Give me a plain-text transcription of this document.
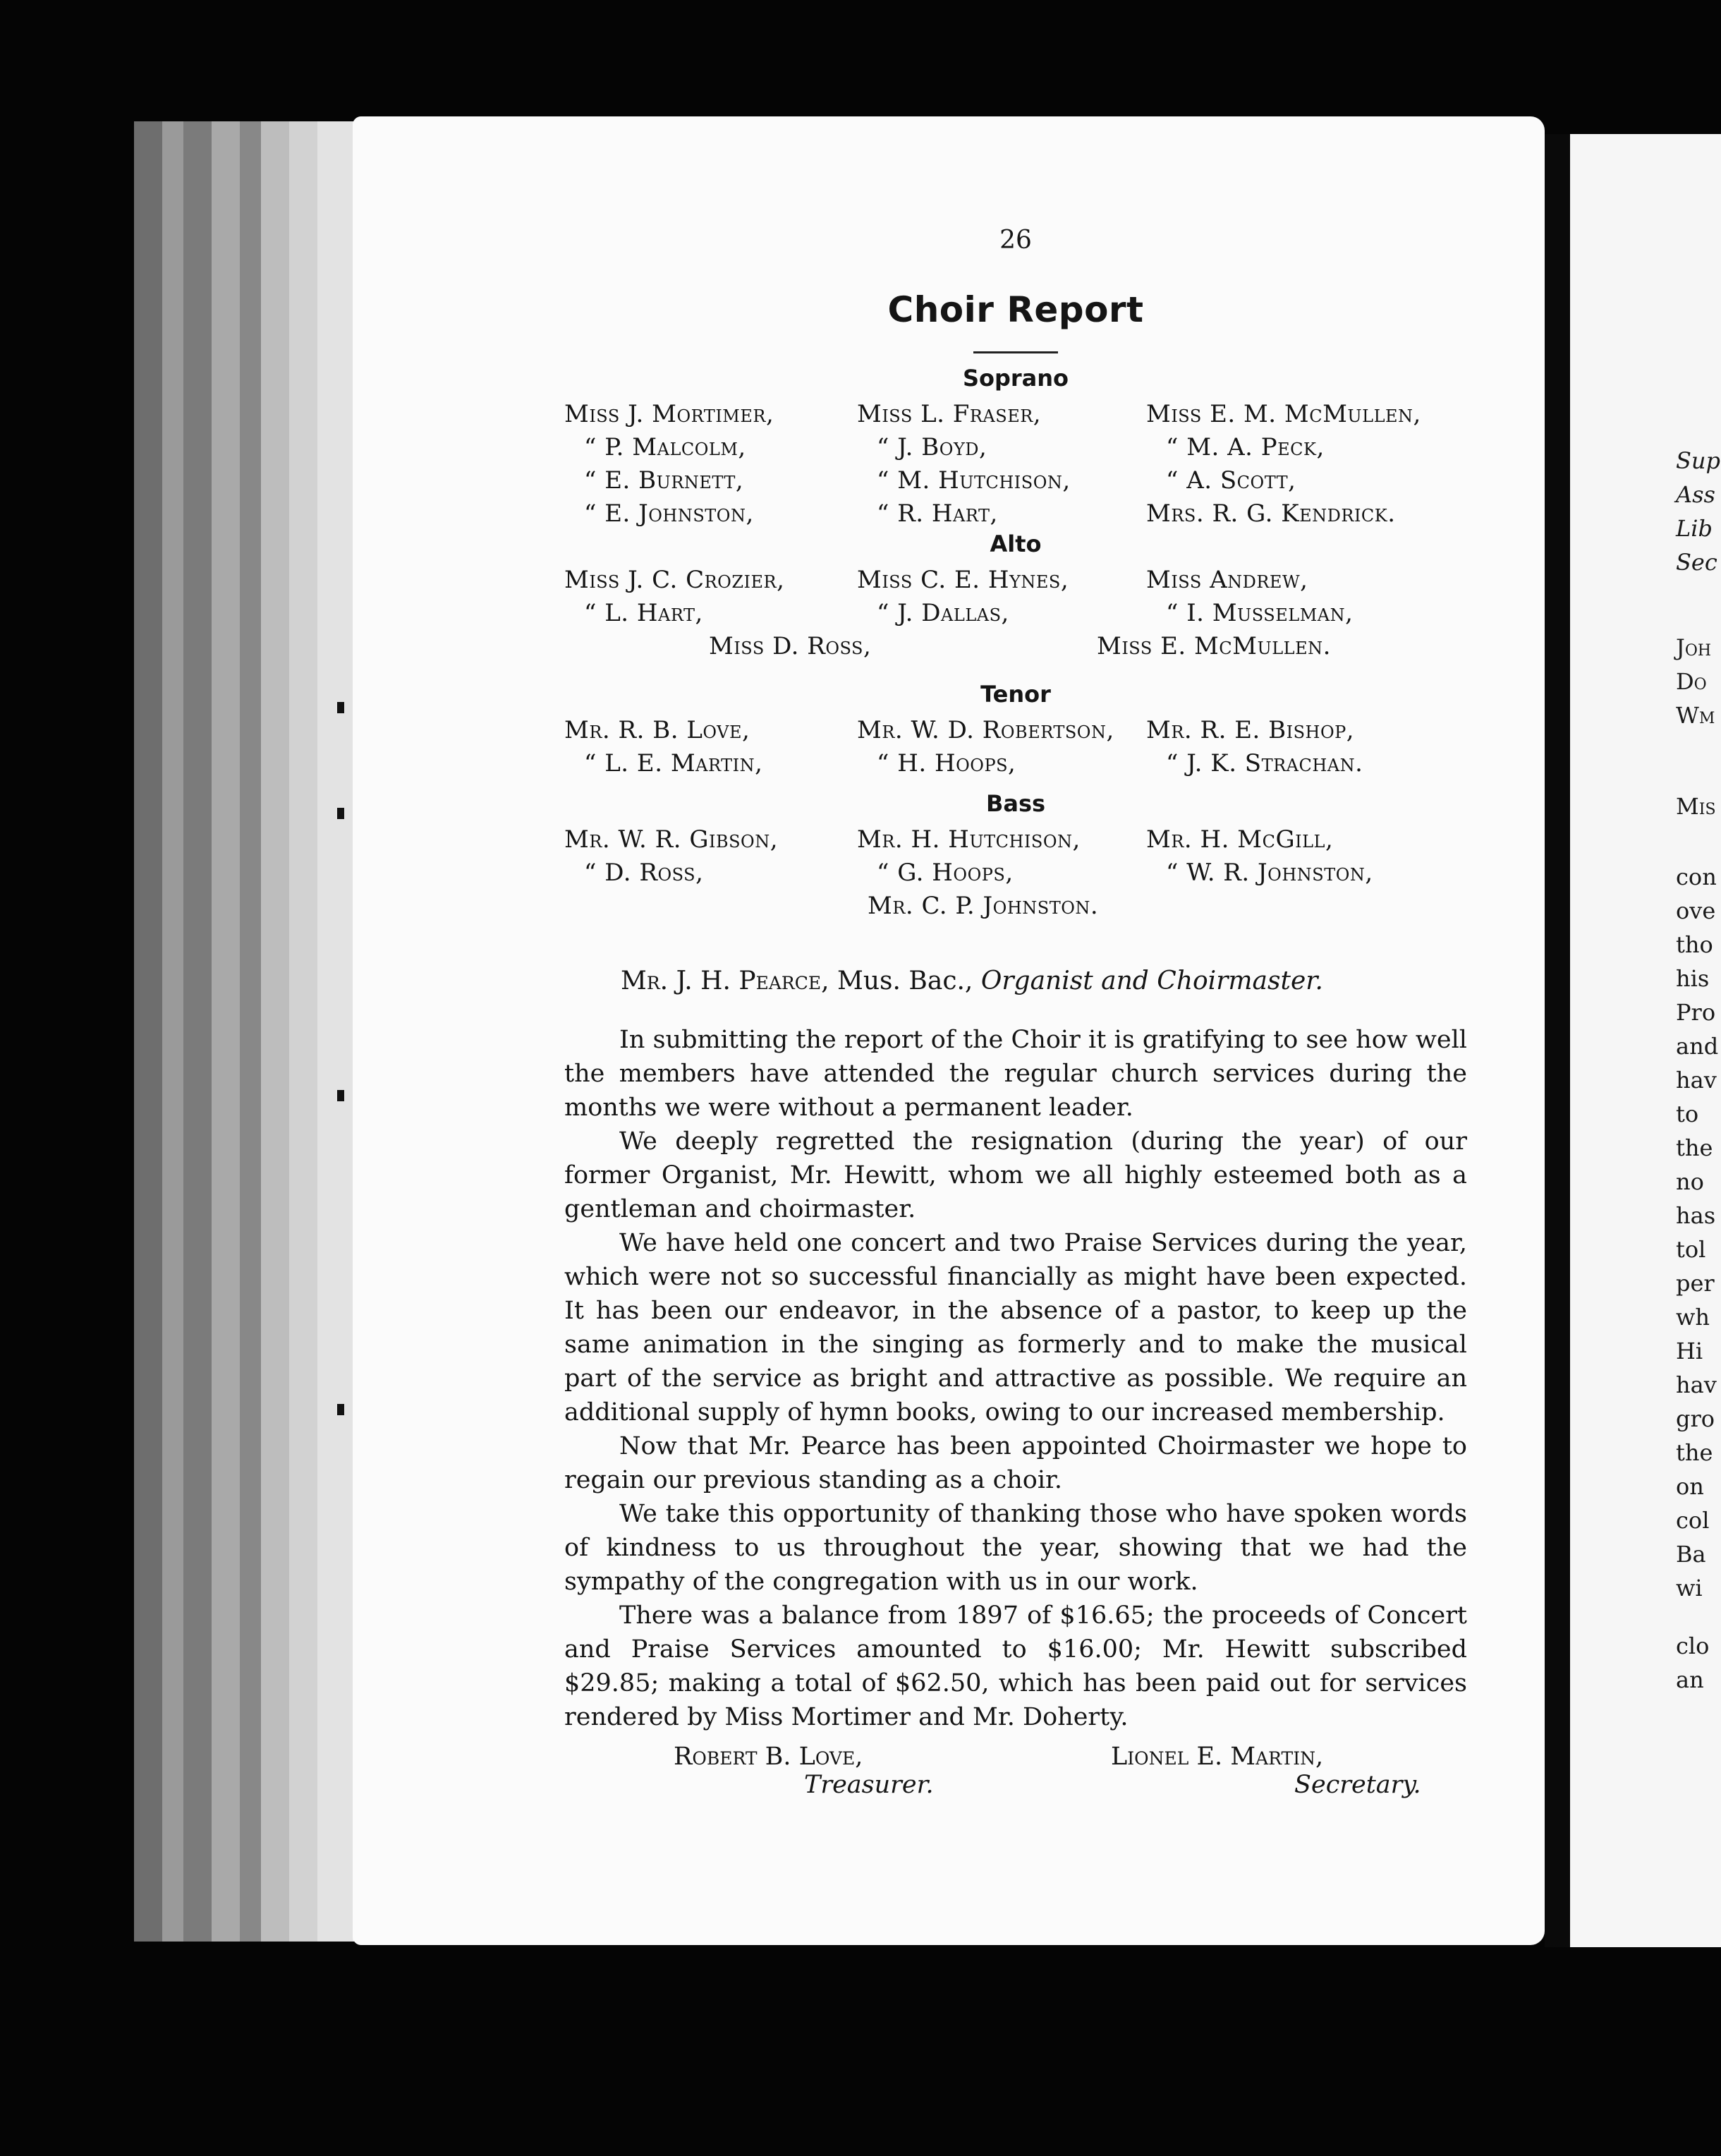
Sup
Ass
Lib
Sec
Joh
Do
Wm
Mis
con
ove
tho
his
Pro
and
hav
to
the
no
has
tol
per
wh
Hi
hav
gro
the
on
col
Ba
wi
clo
an
26
Choir Report
Soprano
Miss J. Mortimer,	Miss L. Fraser,	Miss E. M. McMullen,
“ P. Malcolm,	“ J. Boyd,	“ M. A. Peck,
“ E. Burnett,	“ M. Hutchison,	“ A. Scott,
“ E. Johnston,	“ R. Hart,	Mrs. R. G. Kendrick.
Alto
Miss J. C. Crozier,	Miss C. E. Hynes,	Miss Andrew,
“ L. Hart,	“ J. Dallas,	“ I. Musselman,
Miss D. Ross,	Miss E. McMullen.
Tenor
Mr. R. B. Love,	Mr. W. D. Robertson, Mr. R. E. Bishop,
“ L. E. Martin,	“ H. Hoops,	“ J. K. Strachan.
Bass
Mr. W. R. Gibson,	Mr. H. Hutchison,	Mr. H. McGill,
“ D. Ross,	“ G. Hoops,	“ W. R. Johnston,
Mr. C. P. Johnston.
Mr. J. H. Pearce, Mus. Bac., Organist and Choirmaster.

In submitting the report of the Choir it is gratifying to see how well the members have attended the regular church services during the months we were without a permanent leader.

We deeply regretted the resignation (during the year) of our former Organist, Mr. Hewitt, whom we all highly esteemed both as a gentleman and choirmaster.

We have held one concert and two Praise Services during the year, which were not so successful financially as might have been expected. It has been our endeavor, in the absence of a pastor, to keep up the same animation in the singing as formerly and to make the musical part of the service as bright and attractive as possible. We require an additional supply of hymn books, owing to our increased membership.

Now that Mr. Pearce has been appointed Choirmaster we hope to regain our previous standing as a choir.

We take this opportunity of thanking those who have spoken words of kindness to us throughout the year, showing that we had the sympathy of the congregation with us in our work.

There was a balance from 1897 of $16.65; the proceeds of Concert and Praise Services amounted to $16.00; Mr. Hewitt subscribed $29.85; making a total of $62.50, which has been paid out for services rendered by Miss Mortimer and Mr. Doherty.

Robert B. Love,
Treasurer.
Lionel E. Martin,
Secretary.
